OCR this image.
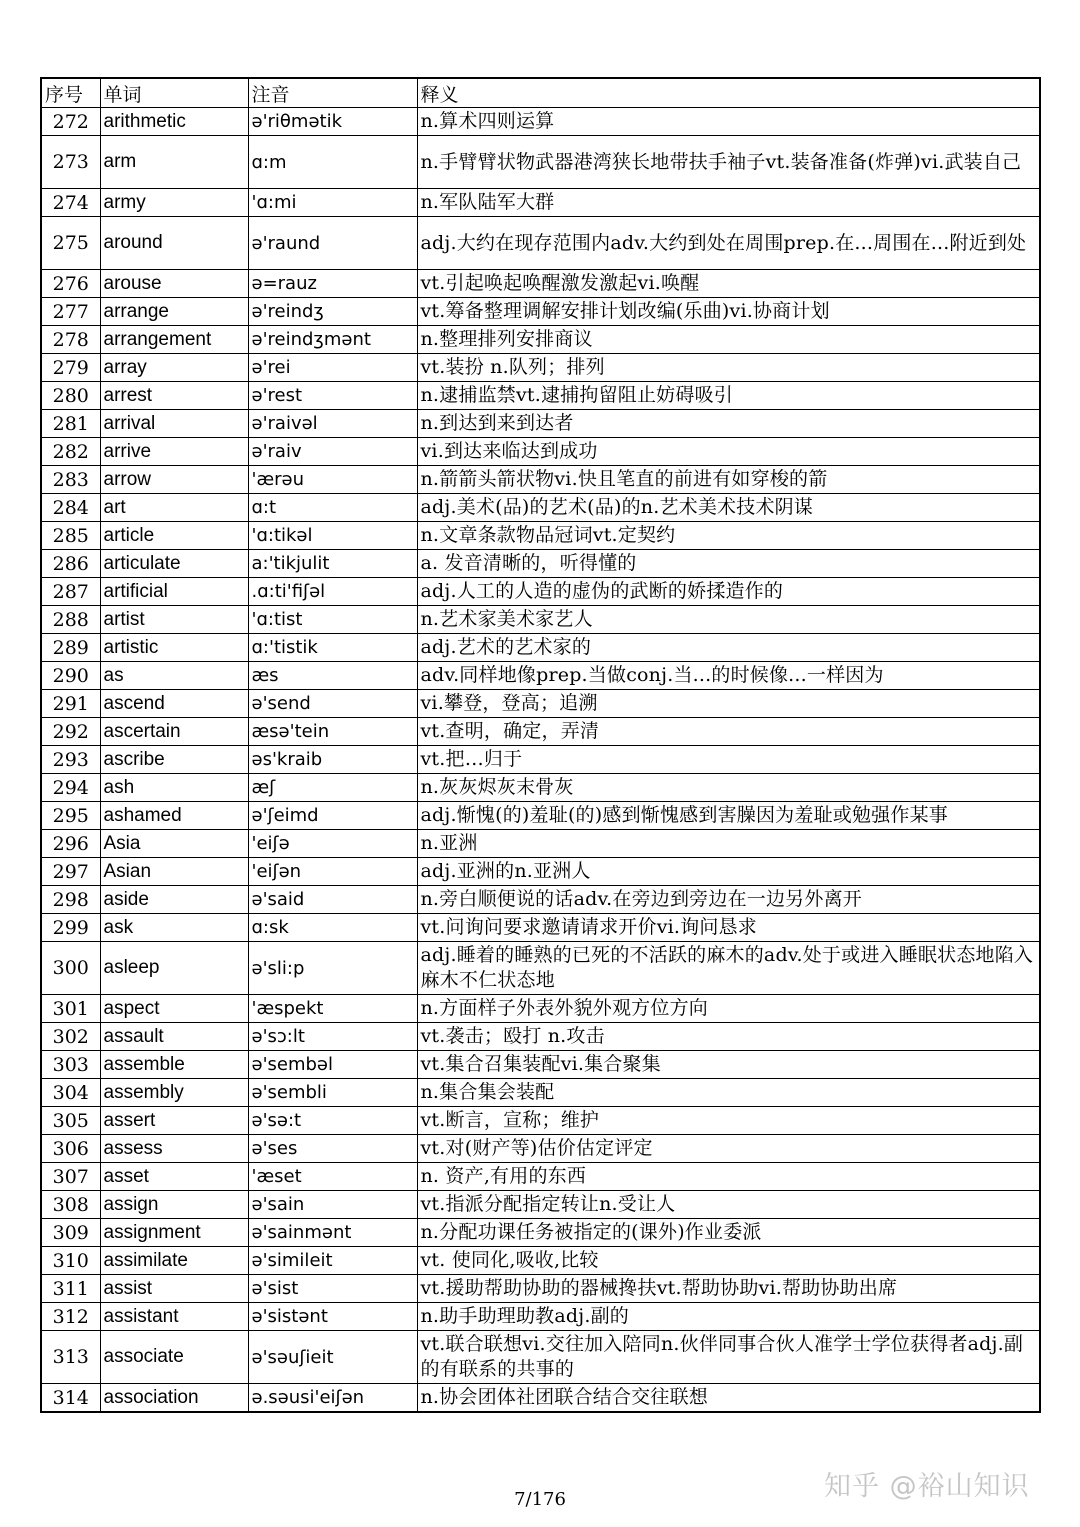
序号	单词	注音	释义
272	arithmetic	ə'riθmətik	n.算术四则运算
273	arm	ɑ:m	n.手臂臂状物武器港湾狭长地带扶手袖子vt.装备准备(炸弹)vi.武装自己
274	army	'ɑ:mi	n.军队陆军大群
275	around	ə'raund	adj.大约在现存范围内adv.大约到处在周围prep.在...周围在...附近到处
276	arouse	ə=rauz	vt.引起唤起唤醒激发激起vi.唤醒
277	arrange	ə'reindʒ	vt.筹备整理调解安排计划改编(乐曲)vi.协商计划
278	arrangement	ə'reindʒmənt	n.整理排列安排商议
279	array	ə'rei	vt.装扮 n.队列；排列
280	arrest	ə'rest	n.逮捕监禁vt.逮捕拘留阻止妨碍吸引
281	arrival	ə'raivəl	n.到达到来到达者
282	arrive	ə'raiv	vi.到达来临达到成功
283	arrow	'ærəu	n.箭箭头箭状物vi.快且笔直的前进有如穿梭的箭
284	art	ɑ:t	adj.美术(品)的艺术(品)的n.艺术美术技术阴谋
285	article	'ɑ:tikəl	n.文章条款物品冠词vt.定契约
286	articulate	a:'tikjulit	a. 发音清晰的，听得懂的
287	artificial	.ɑ:ti'fiʃəl	adj.人工的人造的虚伪的武断的娇揉造作的
288	artist	'ɑ:tist	n.艺术家美术家艺人
289	artistic	ɑ:'tistik	adj.艺术的艺术家的
290	as	æs	adv.同样地像prep.当做conj.当...的时候像...一样因为
291	ascend	ə'send	vi.攀登，登高；追溯
292	ascertain	æsə'tein	vt.查明，确定，弄清
293	ascribe	əs'kraib	vt.把…归于
294	ash	æʃ	n.灰灰烬灰末骨灰
295	ashamed	ə'ʃeimd	adj.惭愧(的)羞耻(的)感到惭愧感到害臊因为羞耻或勉强作某事
296	Asia	'eiʃə	n.亚洲
297	Asian	'eiʃən	adj.亚洲的n.亚洲人
298	aside	ə'said	n.旁白顺便说的话adv.在旁边到旁边在一边另外离开
299	ask	ɑ:sk	vt.问询问要求邀请请求开价vi.询问恳求
300	asleep	ə'sli:p	adj.睡着的睡熟的已死的不活跃的麻木的adv.处于或进入睡眠状态地陷入麻木不仁状态地
301	aspect	'æspekt	n.方面样子外表外貌外观方位方向
302	assault	ə'sɔ:lt	vt.袭击；殴打 n.攻击
303	assemble	ə'sembəl	vt.集合召集装配vi.集合聚集
304	assembly	ə'sembli	n.集合集会装配
305	assert	ə'sə:t	vt.断言，宣称；维护
306	assess	ə'ses	vt.对(财产等)估价估定评定
307	asset	'æset	n. 资产,有用的东西
308	assign	ə'sain	vt.指派分配指定转让n.受让人
309	assignment	ə'sainmənt	n.分配功课任务被指定的(课外)作业委派
310	assimilate	ə'simileit	vt. 使同化,吸收,比较
311	assist	ə'sist	vt.援助帮助协助的器械搀扶vt.帮助协助vi.帮助协助出席
312	assistant	ə'sistənt	n.助手助理助教adj.副的
313	associate	ə'səuʃieit	vt.联合联想vi.交往加入陪同n.伙伴同事合伙人准学士学位获得者adj.副的有联系的共事的
314	association	ə.səusi'eiʃən	n.协会团体社团联合结合交往联想
7/176	知乎 @裕山知识
